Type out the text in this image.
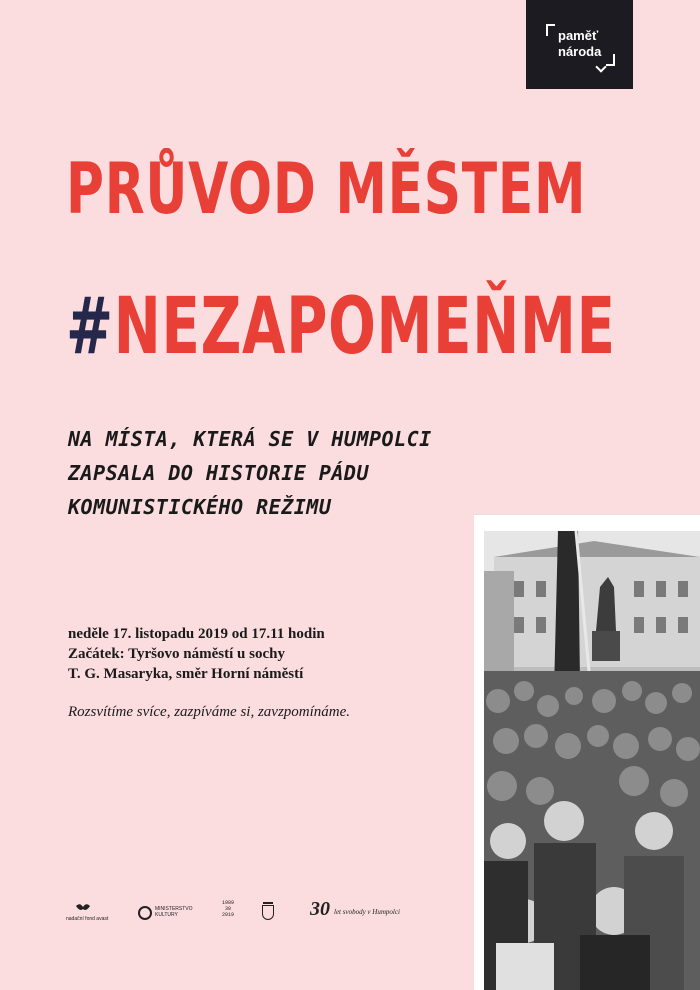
paměť
národa
PRŮVOD MĚSTEM
#NEZAPOMEŇME
NA MÍSTA, KTERÁ SE V HUMPOLCI
ZAPSALA DO HISTORIE PÁDU
KOMUNISTICKÉHO REŽIMU
neděle 17. listopadu 2019 od 17.11 hodin
Začátek: Tyršovo náměstí u sochy
T. G. Masaryka, směr Horní náměstí
Rozsvítíme svíce, zazpíváme si, zavzpomínáme.
nadační fond avast
MINISTERSTVO
KULTURY
1989
30
2019	30 let svobody v Humpolci
